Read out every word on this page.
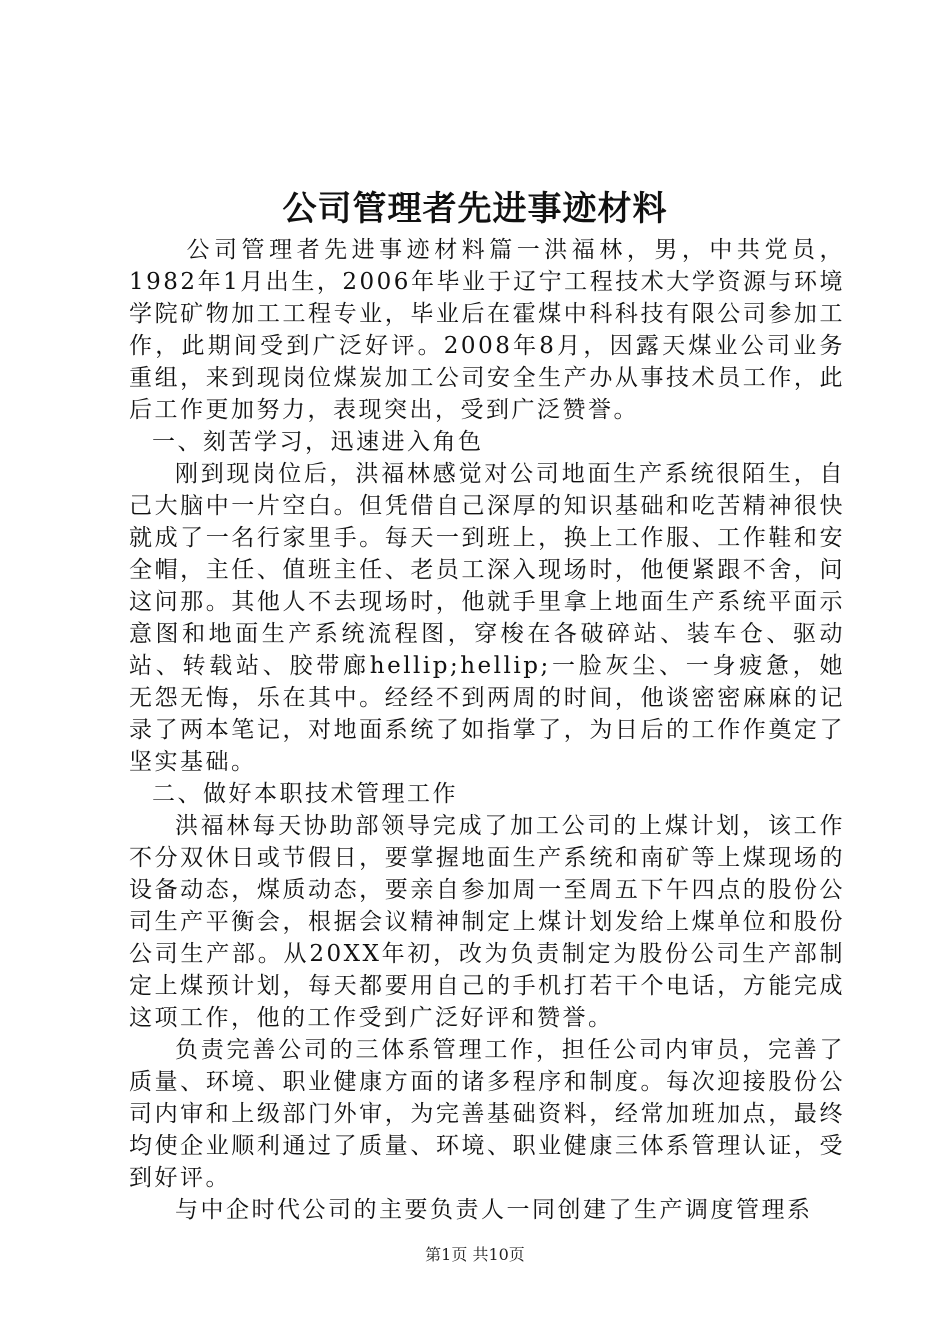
公司管理者先进事迹材料

公司管理者先进事迹材料篇一洪福林，男，中共党员，1982年1月出生，2006年毕业于辽宁工程技术大学资源与环境学院矿物加工工程专业，毕业后在霍煤中科科技有限公司参加工作，此期间受到广泛好评。2008年8月，因露天煤业公司业务重组，来到现岗位煤炭加工公司安全生产办从事技术员工作，此后工作更加努力，表现突出，受到广泛赞誉。

一、刻苦学习，迅速进入角色

刚到现岗位后，洪福林感觉对公司地面生产系统很陌生，自己大脑中一片空白。但凭借自己深厚的知识基础和吃苦精神很快就成了一名行家里手。每天一到班上，换上工作服、工作鞋和安全帽，主任、值班主任、老员工深入现场时，他便紧跟不舍，问这问那。其他人不去现场时，他就手里拿上地面生产系统平面示意图和地面生产系统流程图，穿梭在各破碎站、装车仓、驱动站、转载站、胶带廊hellip;hellip;一脸灰尘、一身疲惫，她无怨无悔，乐在其中。经经不到两周的时间，他谈密密麻麻的记录了两本笔记，对地面系统了如指掌了，为日后的工作作奠定了坚实基础。

二、做好本职技术管理工作

洪福林每天协助部领导完成了加工公司的上煤计划，该工作不分双休日或节假日，要掌握地面生产系统和南矿等上煤现场的设备动态，煤质动态，要亲自参加周一至周五下午四点的股份公司生产平衡会，根据会议精神制定上煤计划发给上煤单位和股份公司生产部。从20XX年初，改为负责制定为股份公司生产部制定上煤预计划，每天都要用自己的手机打若干个电话，方能完成这项工作，他的工作受到广泛好评和赞誉。

负责完善公司的三体系管理工作，担任公司内审员，完善了质量、环境、职业健康方面的诸多程序和制度。每次迎接股份公司内审和上级部门外审，为完善基础资料，经常加班加点，最终均使企业顺利通过了质量、环境、职业健康三体系管理认证，受到好评。

与中企时代公司的主要负责人一同创建了生产调度管理系

第1页 共10页
